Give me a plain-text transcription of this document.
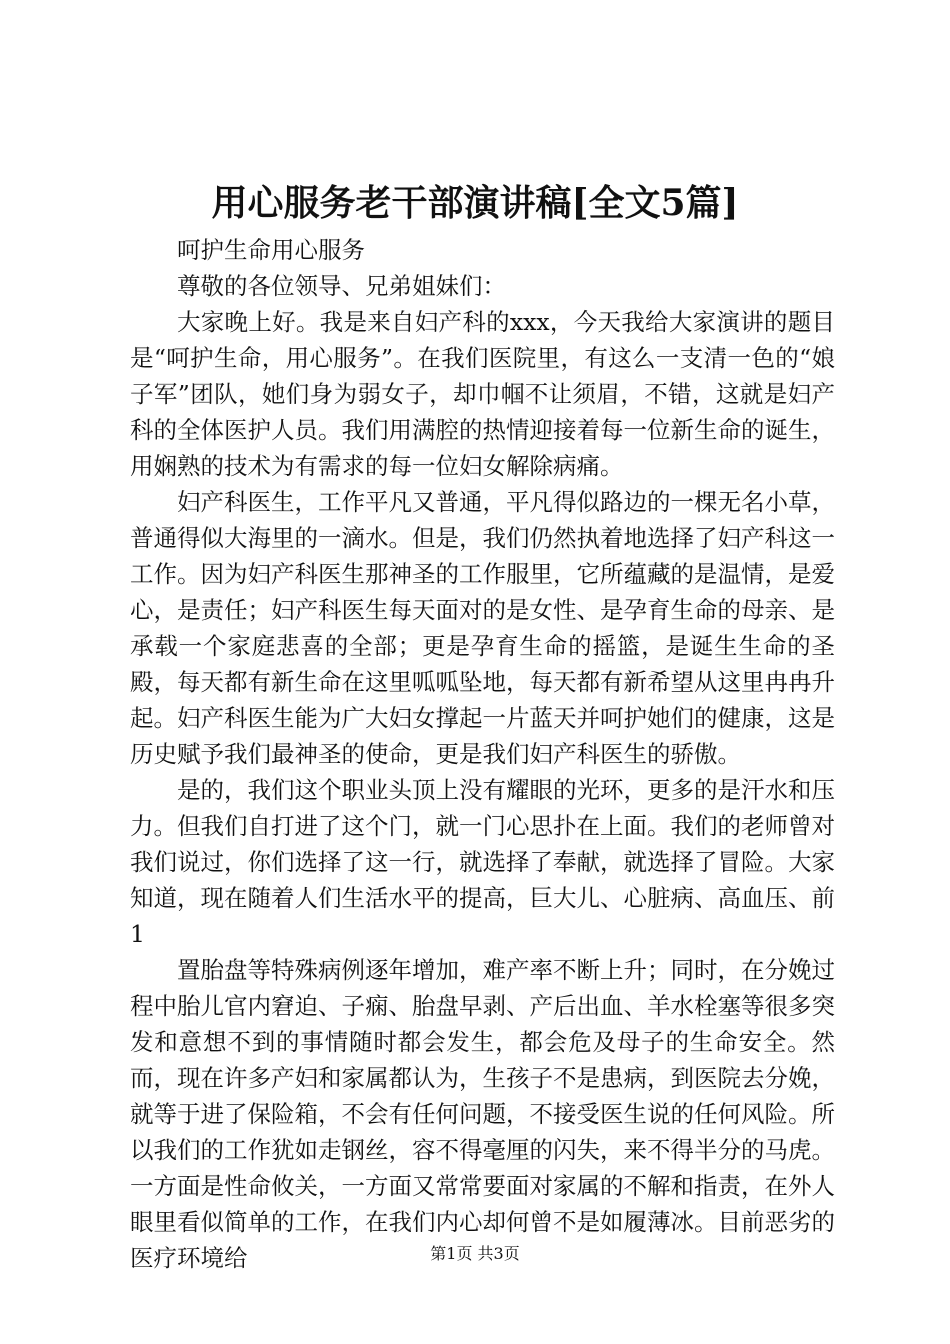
用心服务老干部演讲稿[全文5篇]

呵护生命用心服务

尊敬的各位领导、兄弟姐妹们：

大家晚上好。我是来自妇产科的xxx，今天我给大家演讲的题目是“呵护生命，用心服务”。在我们医院里，有这么一支清一色的“娘子军”团队，她们身为弱女子，却巾帼不让须眉，不错，这就是妇产科的全体医护人员。我们用满腔的热情迎接着每一位新生命的诞生，用娴熟的技术为有需求的每一位妇女解除病痛。

妇产科医生，工作平凡又普通，平凡得似路边的一棵无名小草，普通得似大海里的一滴水。但是，我们仍然执着地选择了妇产科这一工作。因为妇产科医生那神圣的工作服里，它所蕴藏的是温情，是爱心，是责任；妇产科医生每天面对的是女性、是孕育生命的母亲、是承载一个家庭悲喜的全部；更是孕育生命的摇篮，是诞生生命的圣殿，每天都有新生命在这里呱呱坠地，每天都有新希望从这里冉冉升起。妇产科医生能为广大妇女撑起一片蓝天并呵护她们的健康，这是历史赋予我们最神圣的使命，更是我们妇产科医生的骄傲。

是的，我们这个职业头顶上没有耀眼的光环，更多的是汗水和压力。但我们自打进了这个门，就一门心思扑在上面。我们的老师曾对我们说过，你们选择了这一行，就选择了奉献，就选择了冒险。大家知道，现在随着人们生活水平的提高，巨大儿、心脏病、高血压、前1

置胎盘等特殊病例逐年增加，难产率不断上升；同时，在分娩过程中胎儿官内窘迫、子痫、胎盘早剥、产后出血、羊水栓塞等很多突发和意想不到的事情随时都会发生，都会危及母子的生命安全。然而，现在许多产妇和家属都认为，生孩子不是患病，到医院去分娩，就等于进了保险箱，不会有任何问题，不接受医生说的任何风险。所以我们的工作犹如走钢丝，容不得毫厘的闪失，来不得半分的马虎。一方面是性命攸关，一方面又常常要面对家属的不解和指责，在外人眼里看似简单的工作，在我们内心却何曾不是如履薄冰。目前恶劣的医疗环境给	第1页 共3页
